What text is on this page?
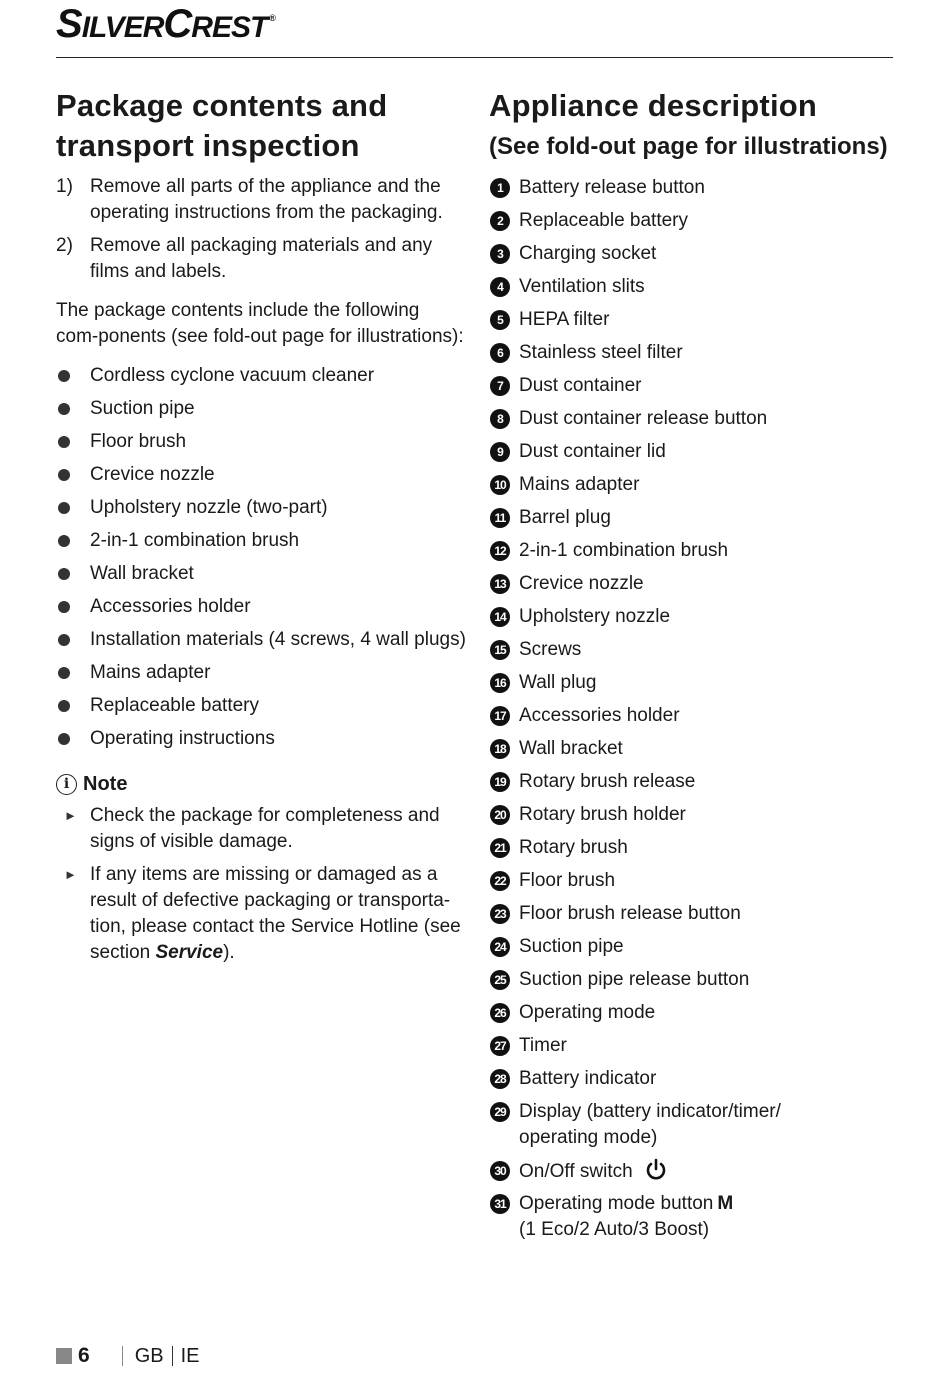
SILVERCREST ®
Package contents and
transport inspection
1) Remove all parts of the appliance and the operating instructions from the packaging.
2) Remove all packaging materials and any films and labels.

The package contents include the following com-ponents (see fold-out page for illustrations):

Cordless cyclone vacuum cleaner
Suction pipe
Floor brush
Crevice nozzle
Upholstery nozzle (two-part)
2-in-1 combination brush
Wall bracket
Accessories holder
Installation materials (4 screws, 4 wall plugs)
Mains adapter
Replaceable battery
Operating instructions
i Note
► Check the package for completeness and signs of visible damage.
► If any items are missing or damaged as a result of defective packaging or transporta-tion, please contact the Service Hotline (see section Service).
Appliance description
(See fold-out page for illustrations)
1 Battery release button
2 Replaceable battery
3 Charging socket
4 Ventilation slits
5 HEPA filter
6 Stainless steel filter
7 Dust container
8 Dust container release button
9 Dust container lid
10 Mains adapter
11 Barrel plug
12 2-in-1 combination brush
13 Crevice nozzle
14 Upholstery nozzle
15 Screws
16 Wall plug
17 Accessories holder
18 Wall bracket
19 Rotary brush release
20 Rotary brush holder
21 Rotary brush
22 Floor brush
23 Floor brush release button
24 Suction pipe
25 Suction pipe release button
26 Operating mode
27 Timer
28 Battery indicator
29 Display (battery indicator/timer/
operating mode)
30 On/Off switch
31 Operating mode button M
(1 Eco/2 Auto/3 Boost)
6 GB IE
